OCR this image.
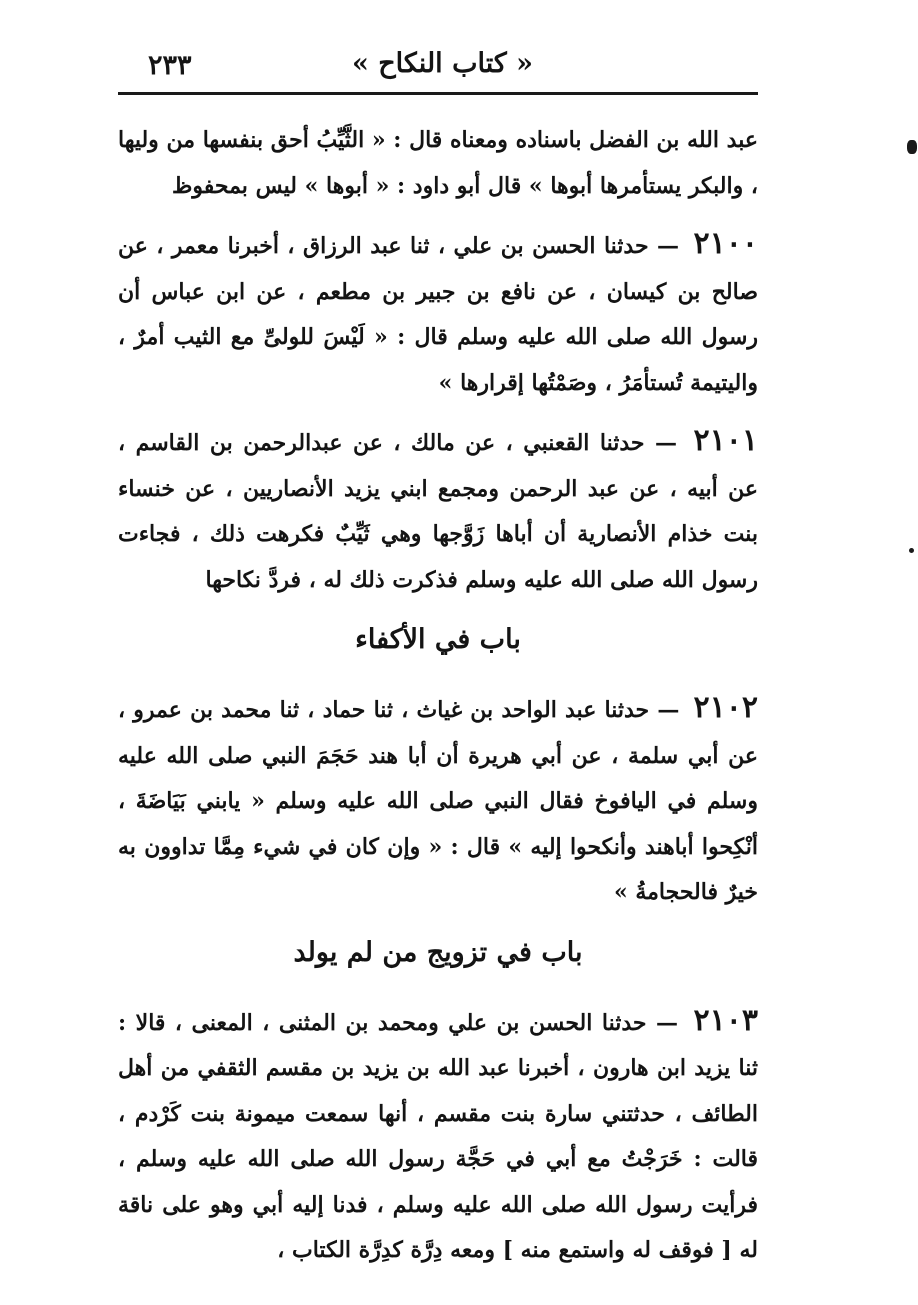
« كتاب النكاح »
٢٣٣

عبد الله بن الفضل باسناده ومعناه قال : « الثَّيِّبُ أحق بنفسها من وليها ، والبكر يستأمرها أبوها » قال أبو داود : « أبوها » ليس بمحفوظ

٢١٠٠ — حدثنا الحسن بن علي ، ثنا عبد الرزاق ، أخبرنا معمر ، عن صالح بن كيسان ، عن نافع بن جبير بن مطعم ، عن ابن عباس أن رسول الله صلى الله عليه وسلم قال : « لَيْسَ للولىِّ مع الثيب أمرٌ ، واليتيمة تُستأمَرُ ، وصَمْتُها إقرارها »

٢١٠١ — حدثنا القعنبي ، عن مالك ، عن عبدالرحمن بن القاسم ، عن أبيه ، عن عبد الرحمن ومجمع ابني يزيد الأنصاريين ، عن خنساء بنت خذام الأنصارية أن أباها زَوَّجها وهي ثَيِّبٌ فكرهت ذلك ، فجاءت رسول الله صلى الله عليه وسلم فذكرت ذلك له ، فردَّ نكاحها

باب في الأكفاء

٢١٠٢ — حدثنا عبد الواحد بن غياث ، ثنا حماد ، ثنا محمد بن عمرو ، عن أبي سلمة ، عن أبي هريرة أن أبا هند حَجَمَ النبي صلى الله عليه وسلم في اليافوخ فقال النبي صلى الله عليه وسلم « يابني بَيَاضَةَ ، أنْكِحوا أباهند وأنكحوا إليه » قال : « وإن كان في شيء مِمَّا تداوون به خيرٌ فالحجامةُ »

باب في تزويج من لم يولد

٢١٠٣ — حدثنا الحسن بن علي ومحمد بن المثنى ، المعنى ، قالا : ثنا يزيد ابن هارون ، أخبرنا عبد الله بن يزيد بن مقسم الثقفي من أهل الطائف ، حدثتني سارة بنت مقسم ، أنها سمعت ميمونة بنت كَرْدم ، قالت : خَرَجْتُ مع أبي في حَجَّة رسول الله صلى الله عليه وسلم ، فرأيت رسول الله صلى الله عليه وسلم ، فدنا إليه أبي وهو على ناقة له [ فوقف له واستمع منه ] ومعه دِرَّة كدِرَّة الكتاب ،
